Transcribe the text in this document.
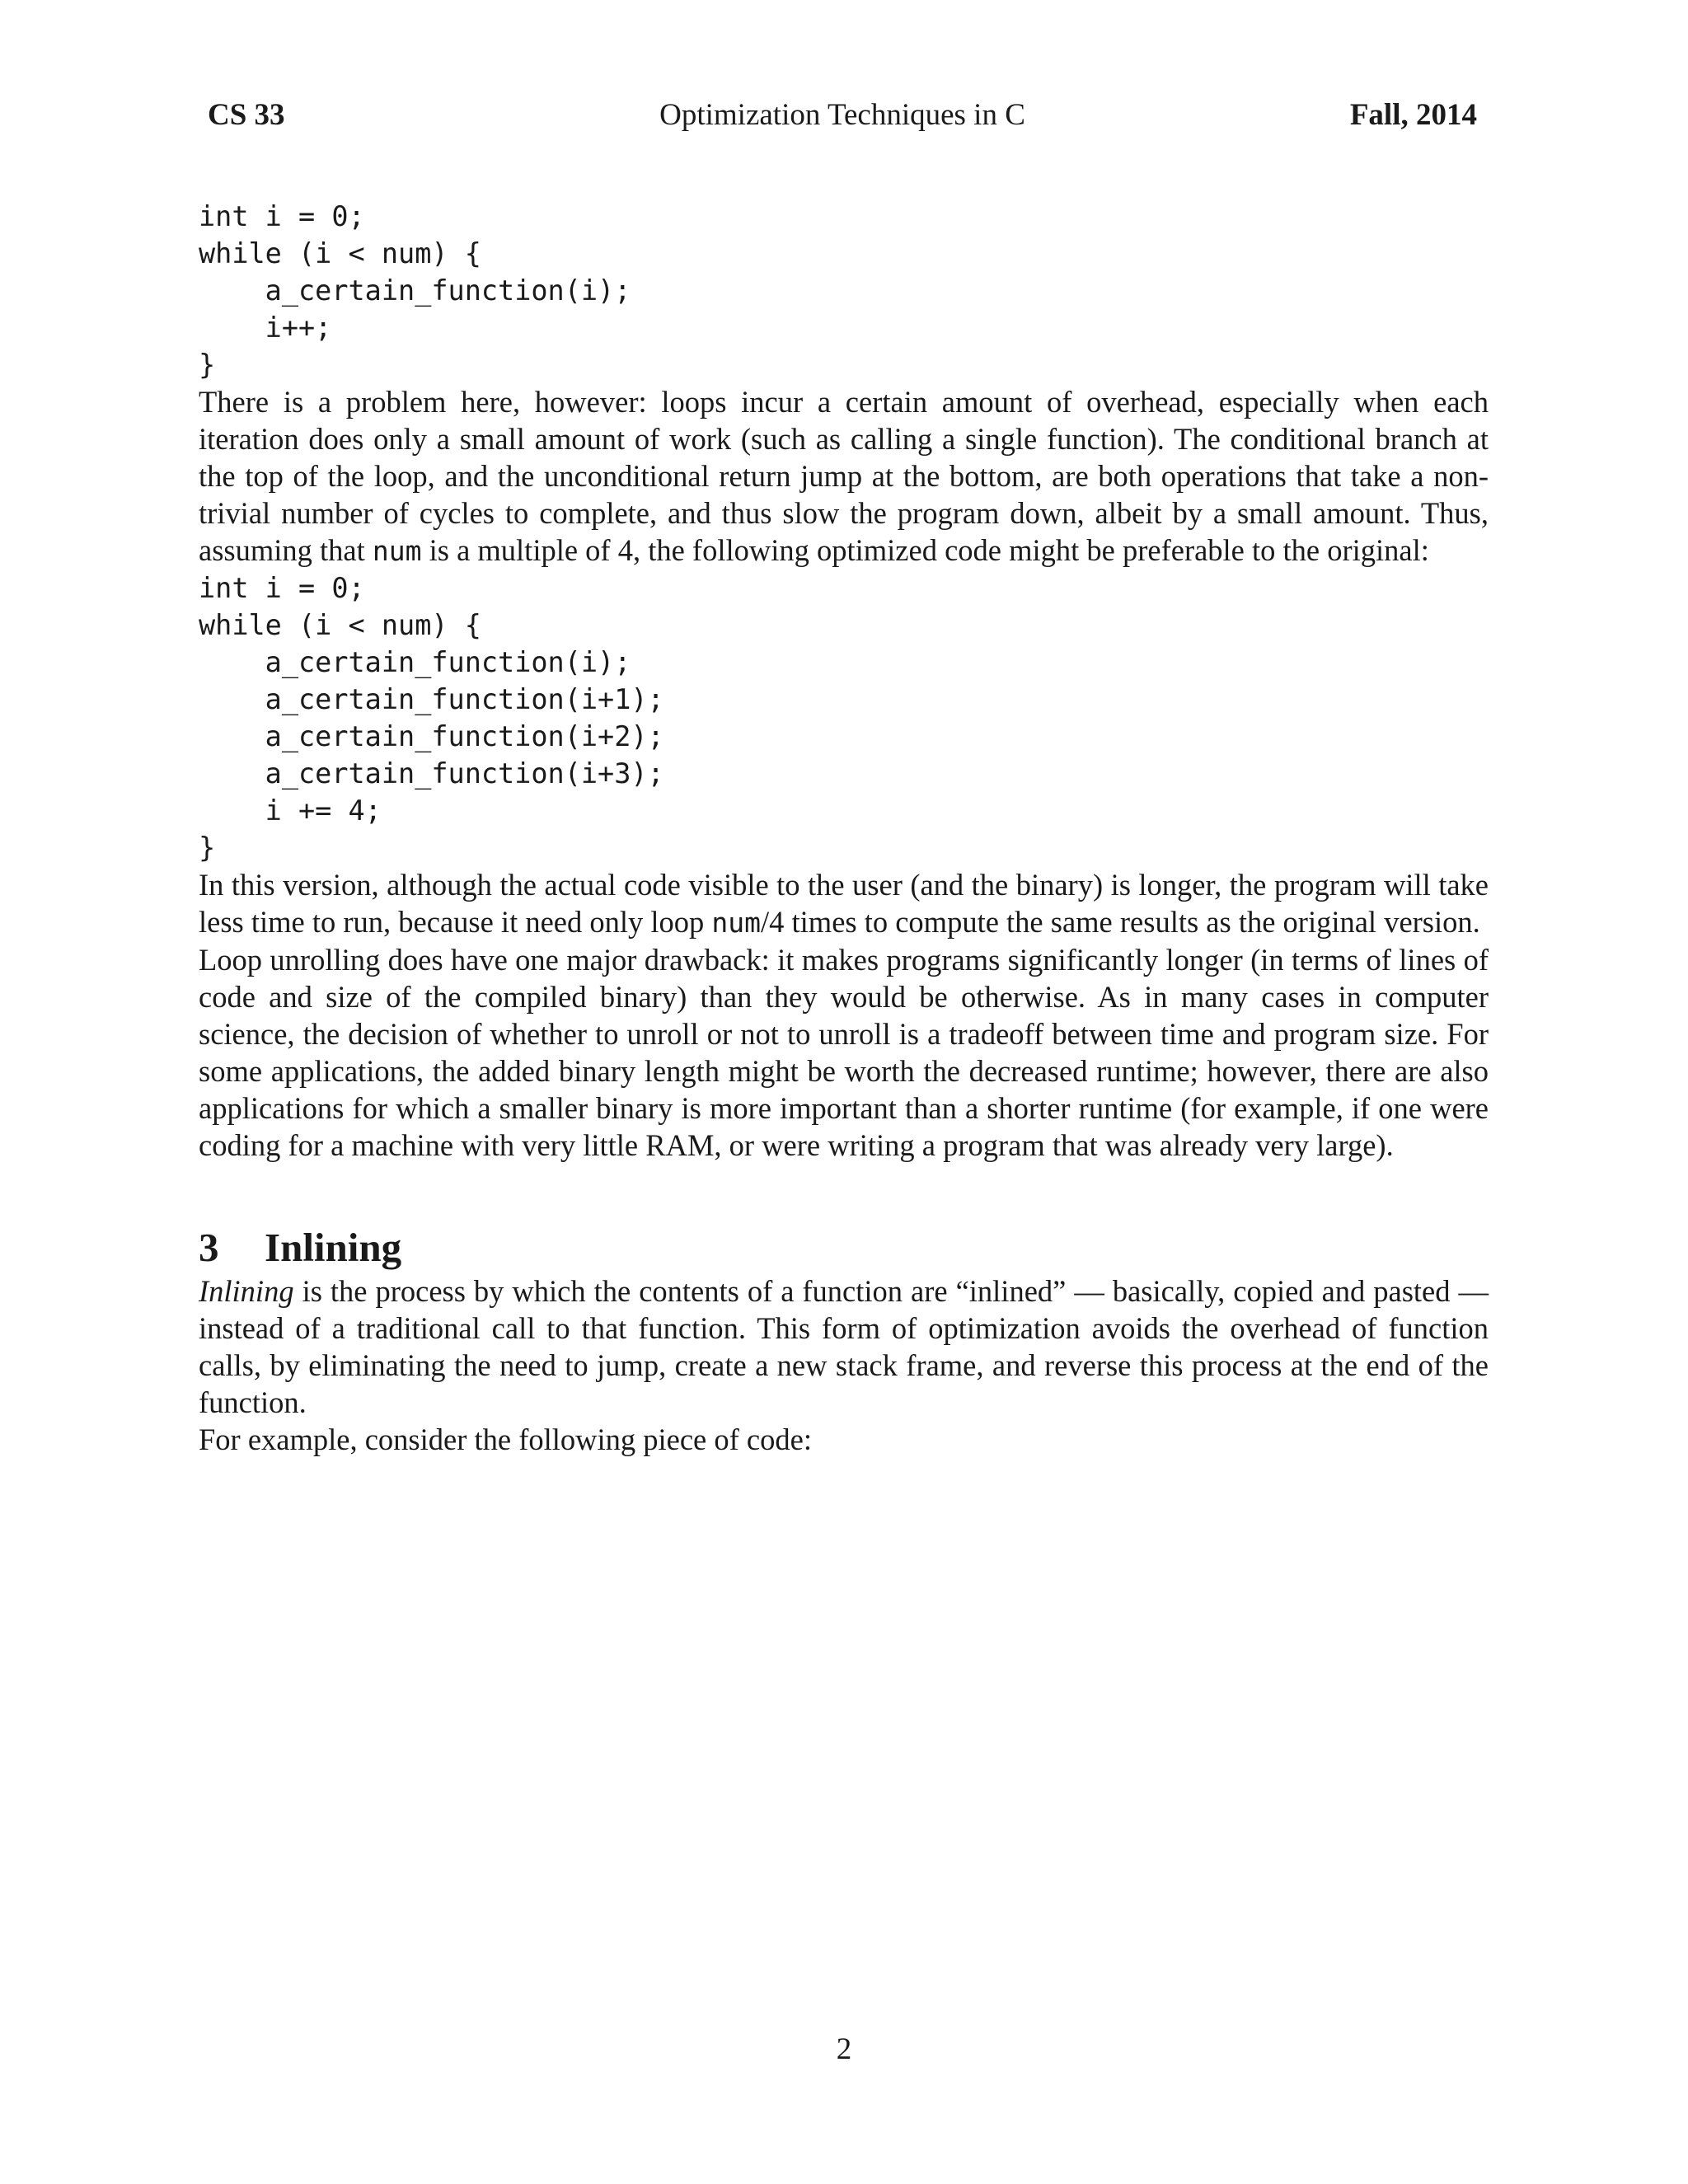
CS 33	Optimization Techniques in C	Fall, 2014
int i = 0;
while (i < num) {
a_certain_function(i);
i++;
}

There is a problem here, however: loops incur a certain amount of overhead, especially when each iteration does only a small amount of work (such as calling a single function). The conditional branch at the top of the loop, and the unconditional return jump at the bottom, are both operations that take a non-trivial number of cycles to complete, and thus slow the program down, albeit by a small amount. Thus, assuming that num is a multiple of 4, the following optimized code might be preferable to the original:

int i = 0;
while (i < num) {
a_certain_function(i);
a_certain_function(i+1);
a_certain_function(i+2);
a_certain_function(i+3);
i += 4;
}

In this version, although the actual code visible to the user (and the binary) is longer, the program will take less time to run, because it need only loop num/4 times to compute the same results as the original version.

Loop unrolling does have one major drawback: it makes programs significantly longer (in terms of lines of code and size of the compiled binary) than they would be otherwise. As in many cases in computer science, the decision of whether to unroll or not to unroll is a tradeoff between time and program size. For some applications, the added binary length might be worth the decreased runtime; however, there are also applications for which a smaller binary is more important than a shorter runtime (for example, if one were coding for a machine with very little RAM, or were writing a program that was already very large).

3 Inlining

Inlining is the process by which the contents of a function are “inlined” — basically, copied and pasted — instead of a traditional call to that function. This form of optimization avoids the overhead of function calls, by eliminating the need to jump, create a new stack frame, and reverse this process at the end of the function.

For example, consider the following piece of code:

2
